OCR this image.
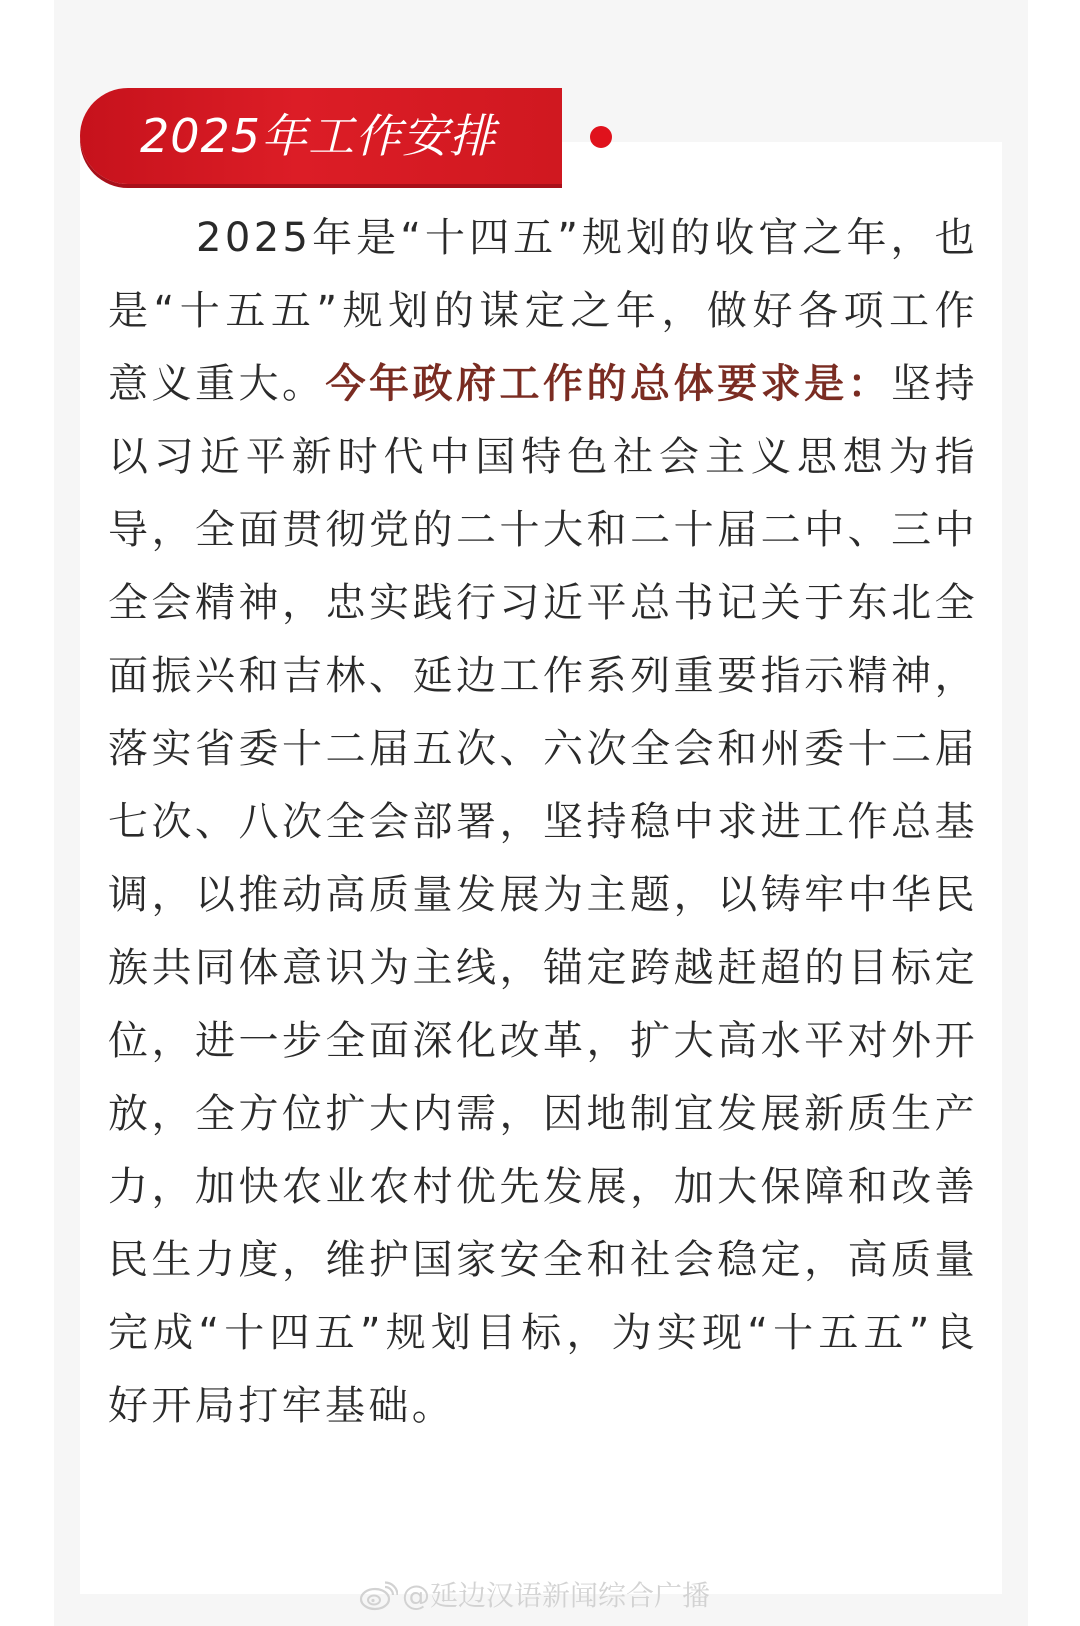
2025年工作安排

2025年是“十四五”规划的收官之年，也是“十五五”规划的谋定之年，做好各项工作意义重大。今年政府工作的总体要求是：坚持以习近平新时代中国特色社会主义思想为指导，全面贯彻党的二十大和二十届二中、三中全会精神，忠实践行习近平总书记关于东北全面振兴和吉林、延边工作系列重要指示精神，落实省委十二届五次、六次全会和州委十二届七次、八次全会部署，坚持稳中求进工作总基调，以推动高质量发展为主题，以铸牢中华民族共同体意识为主线，锚定跨越赶超的目标定位，进一步全面深化改革，扩大高水平对外开放，全方位扩大内需，因地制宜发展新质生产力，加快农业农村优先发展，加大保障和改善民生力度，维护国家安全和社会稳定，高质量完成“十四五”规划目标，为实现“十五五”良好开局打牢基础。

@延边汉语新闻综合广播
